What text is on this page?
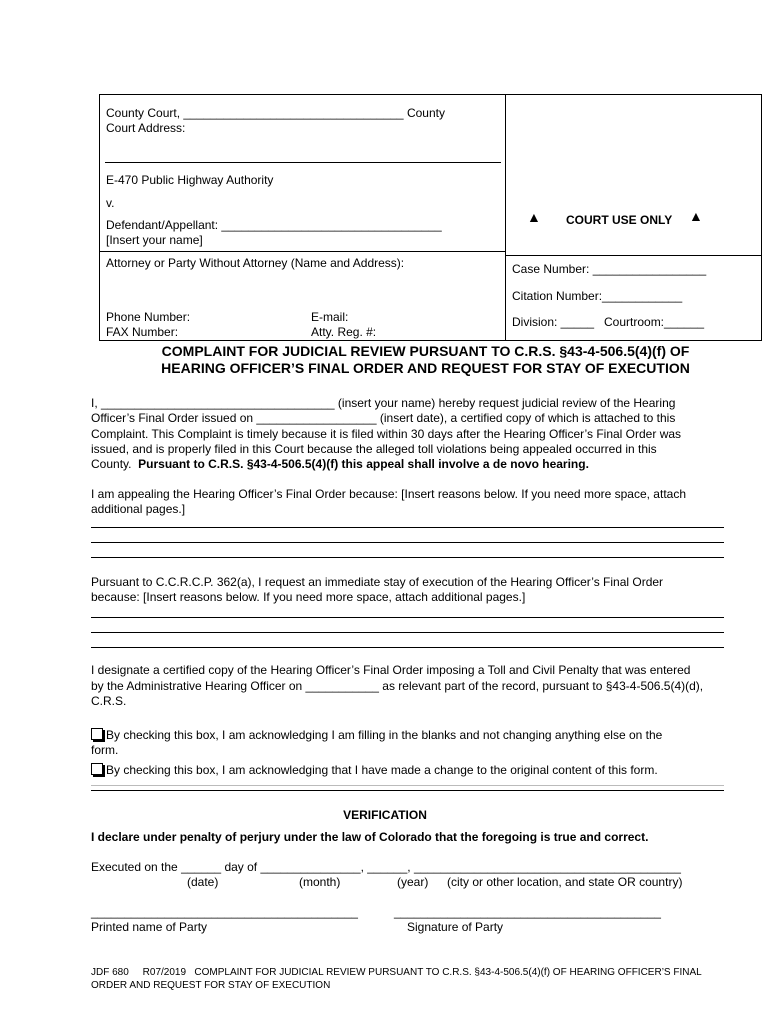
County Court, _________________________________ County
Court Address:
E-470 Public Highway Authority
v.
Defendant/Appellant: _________________________________
[Insert your name]
Attorney or Party Without Attorney (Name and Address):
Phone Number:	E-mail:
FAX Number:	Atty. Reg. #:
▲ COURT USE ONLY ▲
Case Number: _________________
Citation Number:____________
Division: _____ Courtroom:______
COMPLAINT FOR JUDICIAL REVIEW PURSUANT TO C.R.S. §43-4-506.5(4)(f) OF
HEARING OFFICER’S FINAL ORDER AND REQUEST FOR STAY OF EXECUTION
I, ___________________________________ (insert your name) hereby request judicial review of the Hearing
Officer’s Final Order issued on __________________ (insert date), a certified copy of which is attached to this
Complaint. This Complaint is timely because it is filed within 30 days after the Hearing Officer’s Final Order was
issued, and is properly filed in this Court because the alleged toll violations being appealed occurred in this
County.  Pursuant to C.R.S. §43-4-506.5(4)(f) this appeal shall involve a de novo hearing.
I am appealing the Hearing Officer’s Final Order because: [Insert reasons below. If you need more space, attach
additional pages.]
Pursuant to C.C.R.C.P. 362(a), I request an immediate stay of execution of the Hearing Officer’s Final Order
because: [Insert reasons below. If you need more space, attach additional pages.]
I designate a certified copy of the Hearing Officer’s Final Order imposing a Toll and Civil Penalty that was entered
by the Administrative Hearing Officer on ___________ as relevant part of the record, pursuant to §43-4-506.5(4)(d),
C.R.S.
By checking this box, I am acknowledging I am filling in the blanks and not changing anything else on the
form.
By checking this box, I am acknowledging that I have made a change to the original content of this form.
VERIFICATION
I declare under penalty of perjury under the law of Colorado that the foregoing is true and correct.
Executed on the ______ day of _______________, ______, ________________________________________
(date)	(month)	(year) (city or other location, and state OR country)
________________________________________	________________________________________
Printed name of Party	Signature of Party
JDF 680     R07/2019   COMPLAINT FOR JUDICIAL REVIEW PURSUANT TO C.R.S. §43-4-506.5(4)(f) OF HEARING OFFICER’S FINAL
ORDER AND REQUEST FOR STAY OF EXECUTION
